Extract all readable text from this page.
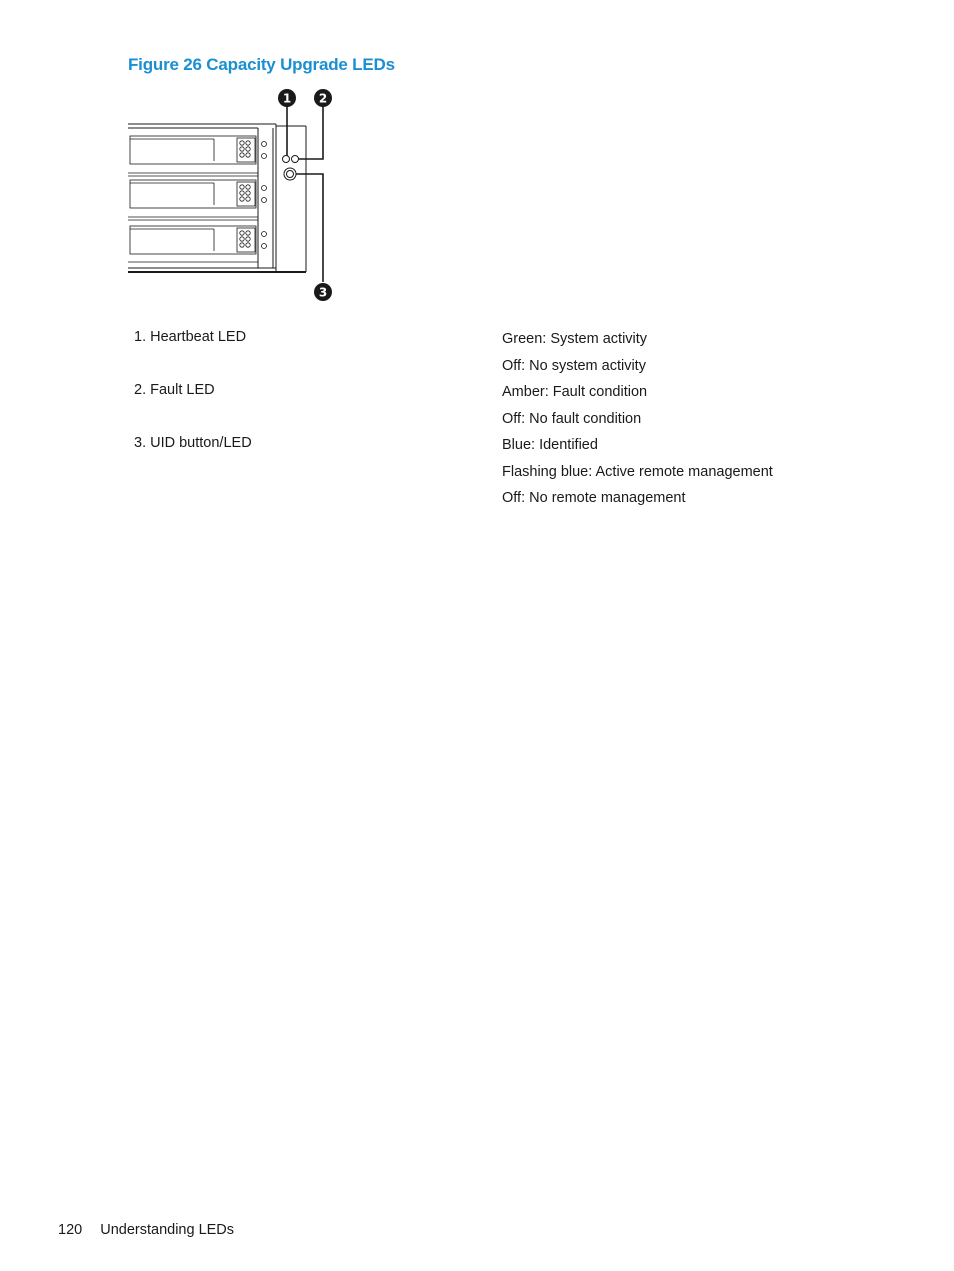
Figure 26 Capacity Upgrade LEDs
1 2
3
1. Heartbeat LED	Green: System activity
Off: No system activity
2. Fault LED	Amber: Fault condition
Off: No fault condition
3. UID button/LED	Blue: Identified
Flashing blue: Active remote management
Off: No remote management
120 Understanding LEDs
